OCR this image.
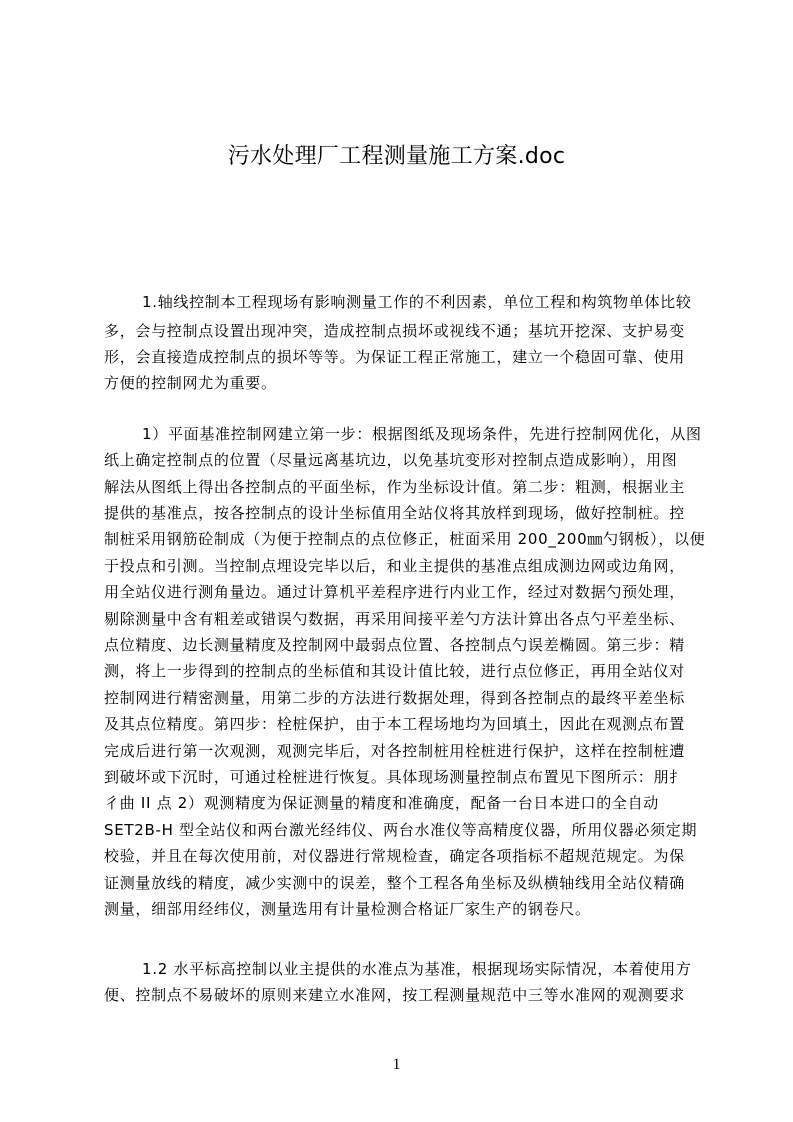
污水处理厂工程测量施工方案.doc
1.轴线控制本工程现场有影响测量工作的不利因素，单位工程和构筑物单体比较
多，会与控制点设置出现冲突，造成控制点损坏或视线不通；基坑开挖深、支护易变
形，会直接造成控制点的损坏等等。为保证工程正常施工，建立一个稳固可靠、使用
方便的控制网尤为重要。
1）平面基准控制网建立第一步：根据图纸及现场条件，先进行控制网优化，从图
纸上确定控制点的位置（尽量远离基坑边，以免基坑变形对控制点造成影响），用图
解法从图纸上得出各控制点的平面坐标，作为坐标设计值。第二步：粗测，根据业主
提供的基准点，按各控制点的设计坐标值用全站仪将其放样到现场，做好控制桩。控
制桩采用钢筋砼制成（为便于控制点的点位修正，桩面采用 200_200㎜勺钢板），以便
于投点和引测。当控制点埋设完毕以后，和业主提供的基准点组成测边网或边角网，
用全站仪进行测角量边。通过计算机平差程序进行内业工作，经过对数据勺预处理，
剔除测量中含有粗差或错误勺数据，再采用间接平差勺方法计算出各点勺平差坐标、
点位精度、边长测量精度及控制网中最弱点位置、各控制点勺误差椭圆。第三步：精
测，将上一步得到的控制点的坐标值和其设计值比较，进行点位修正，再用全站仪对
控制网进行精密测量，用第二步的方法进行数据处理，得到各控制点的最终平差坐标
及其点位精度。第四步：栓桩保护，由于本工程场地均为回填土，因此在观测点布置
完成后进行第一次观测，观测完毕后，对各控制桩用栓桩进行保护，这样在控制桩遭
到破坏或下沉时，可通过栓桩进行恢复。具体现场测量控制点布置见下图所示：朋扌
彳曲 II 点 2）观测精度为保证测量的精度和准确度，配备一台日本进口的全自动
SET2B-H 型全站仪和两台激光经纬仪、两台水准仪等高精度仪器，所用仪器必须定期
校验，并且在每次使用前，对仪器进行常规检查，确定各项指标不超规范规定。为保
证测量放线的精度，减少实测中的误差，整个工程各角坐标及纵横轴线用全站仪精确
测量，细部用经纬仪，测量选用有计量检测合格证厂家生产的钢卷尺。
1.2 水平标高控制以业主提供的水准点为基准，根据现场实际情况，本着使用方
便、控制点不易破坏的原则来建立水准网，按工程测量规范中三等水准网的观测要求
1
